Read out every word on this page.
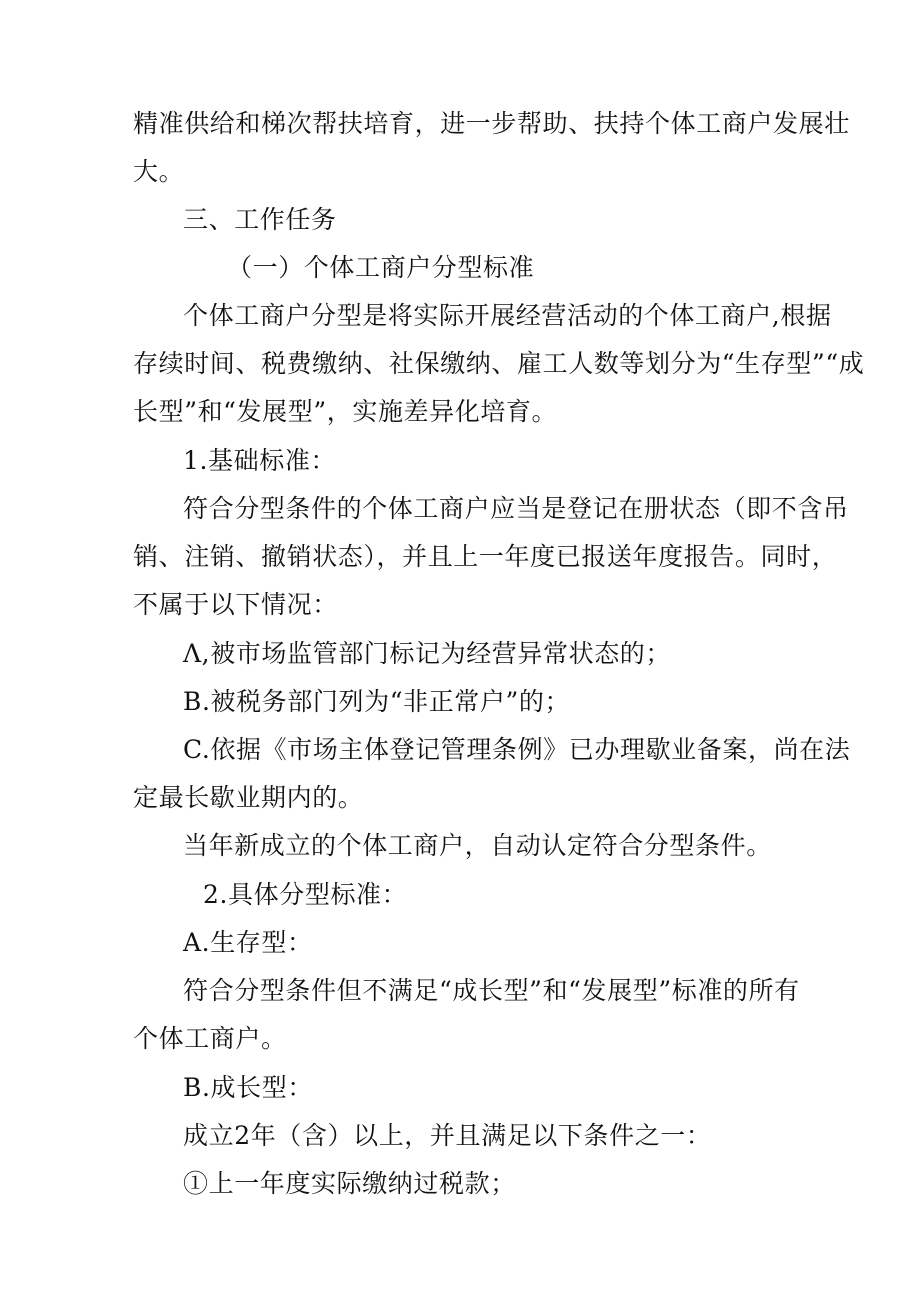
精准供给和梯次帮扶培育，进一步帮助、扶持个体工商户发展壮
大。
三、工作任务
（一）个体工商户分型标准
个体工商户分型是将实际开展经营活动的个体工商户,根据
存续时间、税费缴纳、社保缴纳、雇工人数等划分为“生存型”“成
长型”和“发展型”，实施差异化培育。
1.基础标准：
符合分型条件的个体工商户应当是登记在册状态（即不含吊
销、注销、撤销状态），并且上一年度已报送年度报告。同时，
不属于以下情况：
Λ,被市场监管部门标记为经营异常状态的；
B.被税务部门列为“非正常户”的；
C.依据《市场主体登记管理条例》已办理歇业备案，尚在法
定最长歇业期内的。
当年新成立的个体工商户，自动认定符合分型条件。
2.具体分型标准：
A.生存型：
符合分型条件但不满足“成长型”和“发展型”标准的所有
个体工商户。
B.成长型：
成立2年（含）以上，并且满足以下条件之一：
①上一年度实际缴纳过税款；
